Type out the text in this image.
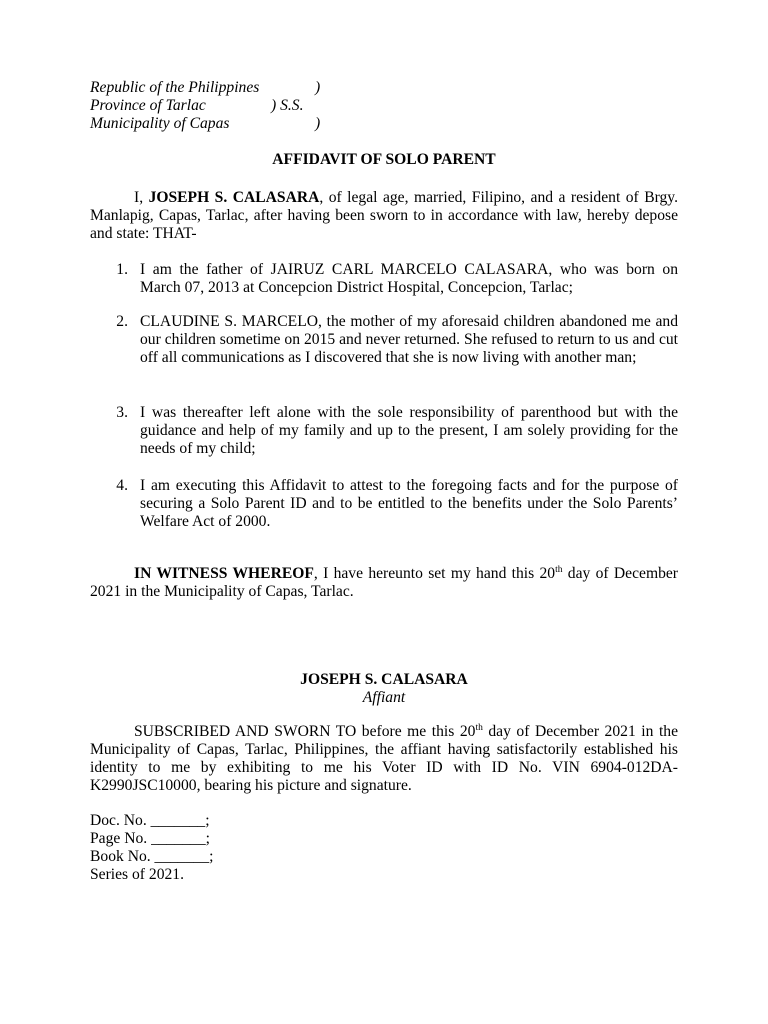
Republic of the Philippines	)
Province of Tarlac	) S.S.
Municipality of Capas	)
AFFIDAVIT OF SOLO PARENT
I, JOSEPH S. CALASARA, of legal age, married, Filipino, and a resident of Brgy. Manlapig, Capas, Tarlac, after having been sworn to in accordance with law, hereby depose and state: THAT-
1. I am the father of JAIRUZ CARL MARCELO CALASARA, who was born on March 07, 2013 at Concepcion District Hospital, Concepcion, Tarlac;
2. CLAUDINE S. MARCELO, the mother of my aforesaid children abandoned me and our children sometime on 2015 and never returned. She refused to return to us and cut off all communications as I discovered that she is now living with another man;
3. I was thereafter left alone with the sole responsibility of parenthood but with the guidance and help of my family and up to the present, I am solely providing for the needs of my child;
4. I am executing this Affidavit to attest to the foregoing facts and for the purpose of securing a Solo Parent ID and to be entitled to the benefits under the Solo Parents’ Welfare Act of 2000.
IN WITNESS WHEREOF, I have hereunto set my hand this 20th day of December 2021 in the Municipality of Capas, Tarlac.
JOSEPH S. CALASARA
Affiant
SUBSCRIBED AND SWORN TO before me this 20th day of December 2021 in the Municipality of Capas, Tarlac, Philippines, the affiant having satisfactorily established his identity to me by exhibiting to me his Voter ID with ID No. VIN 6904-012DA-K2990JSC10000, bearing his picture and signature.
Doc. No. _______;
Page No. _______;
Book No. _______;
Series of 2021.
